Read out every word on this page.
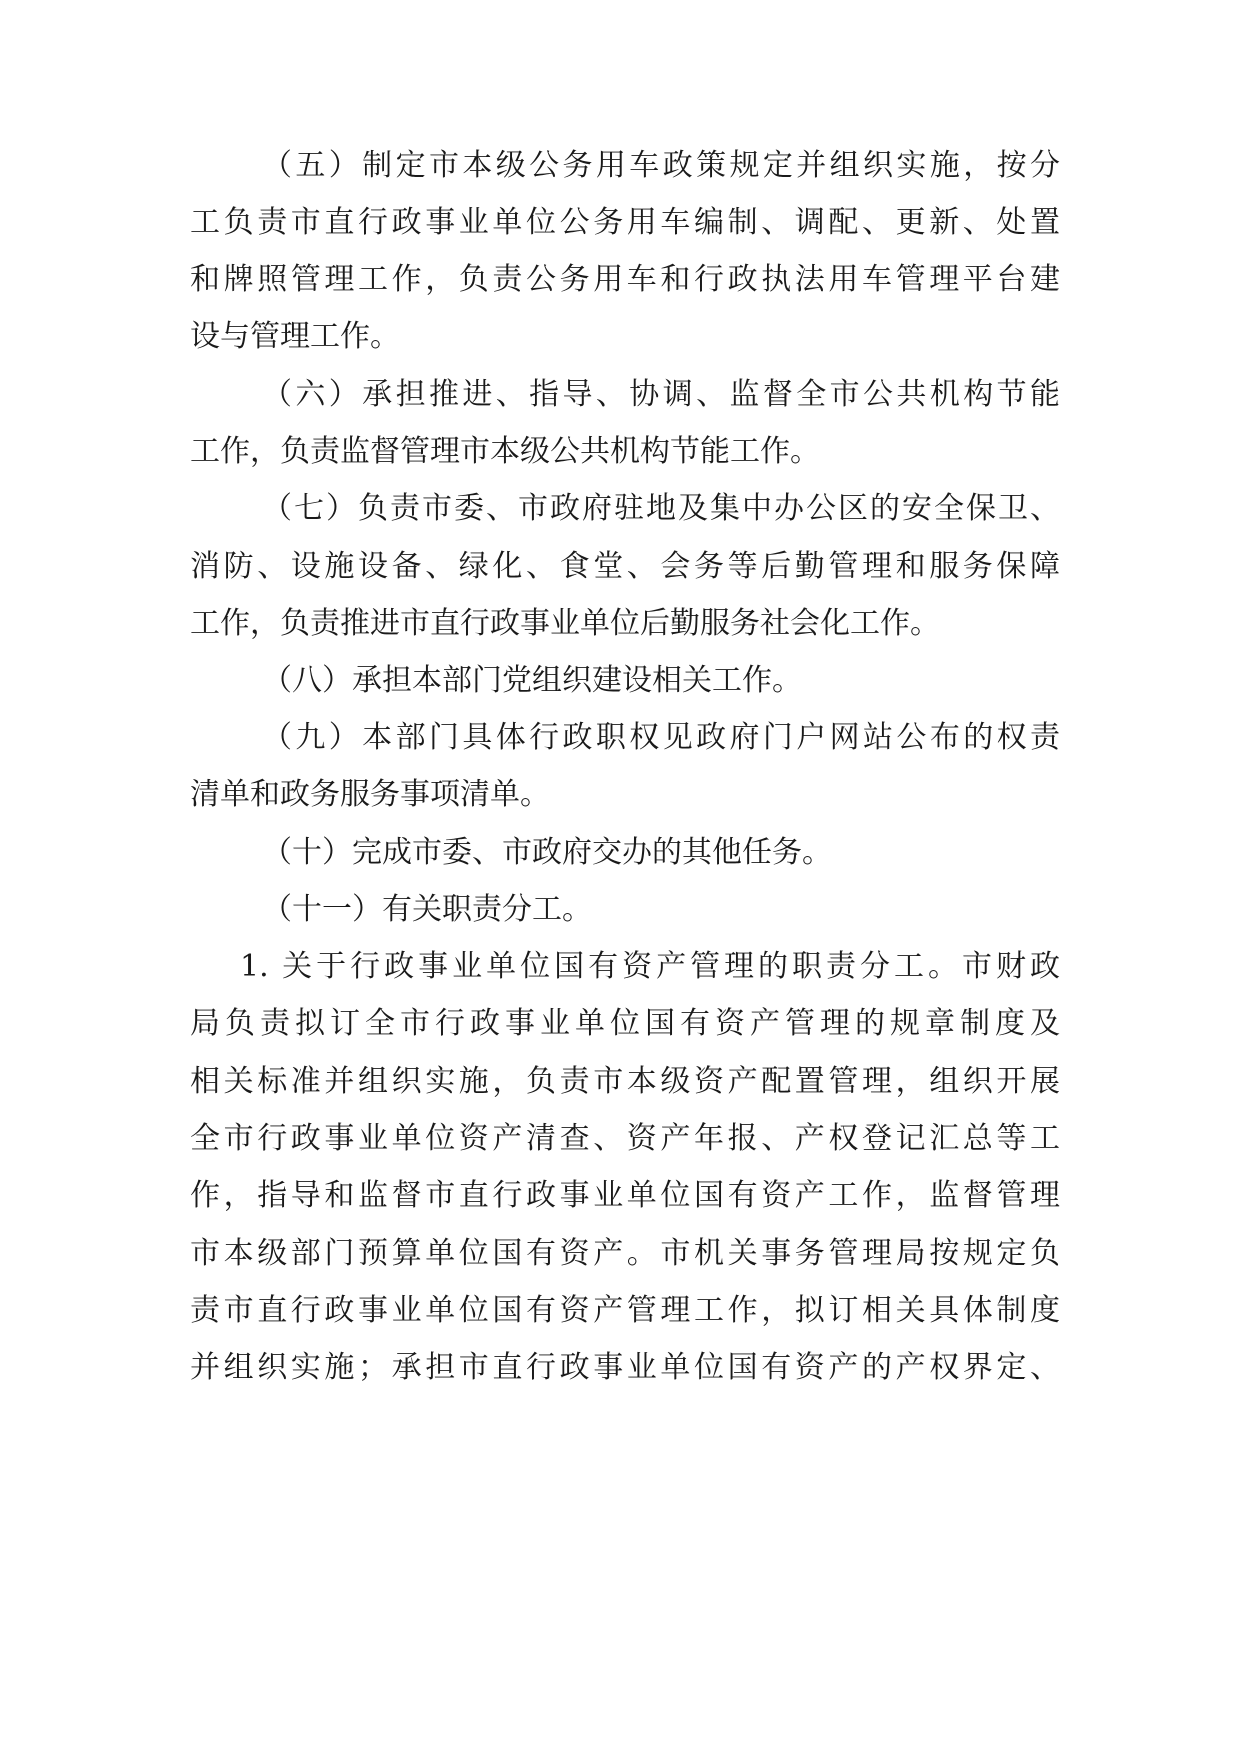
（五）制定市本级公务用车政策规定并组织实施，按分
工负责市直行政事业单位公务用车编制、调配、更新、处置
和牌照管理工作，负责公务用车和行政执法用车管理平台建
设与管理工作。
（六）承担推进、指导、协调、监督全市公共机构节能
工作，负责监督管理市本级公共机构节能工作。
（七）负责市委、市政府驻地及集中办公区的安全保卫、
消防、设施设备、绿化、食堂、会务等后勤管理和服务保障
工作，负责推进市直行政事业单位后勤服务社会化工作。
（八）承担本部门党组织建设相关工作。
（九）本部门具体行政职权见政府门户网站公布的权责
清单和政务服务事项清单。
（十）完成市委、市政府交办的其他任务。
（十一）有关职责分工。
1. 关于行政事业单位国有资产管理的职责分工。市财政
局负责拟订全市行政事业单位国有资产管理的规章制度及
相关标准并组织实施，负责市本级资产配置管理，组织开展
全市行政事业单位资产清查、资产年报、产权登记汇总等工
作，指导和监督市直行政事业单位国有资产工作，监督管理
市本级部门预算单位国有资产。市机关事务管理局按规定负
责市直行政事业单位国有资产管理工作，拟订相关具体制度
并组织实施；承担市直行政事业单位国有资产的产权界定、
